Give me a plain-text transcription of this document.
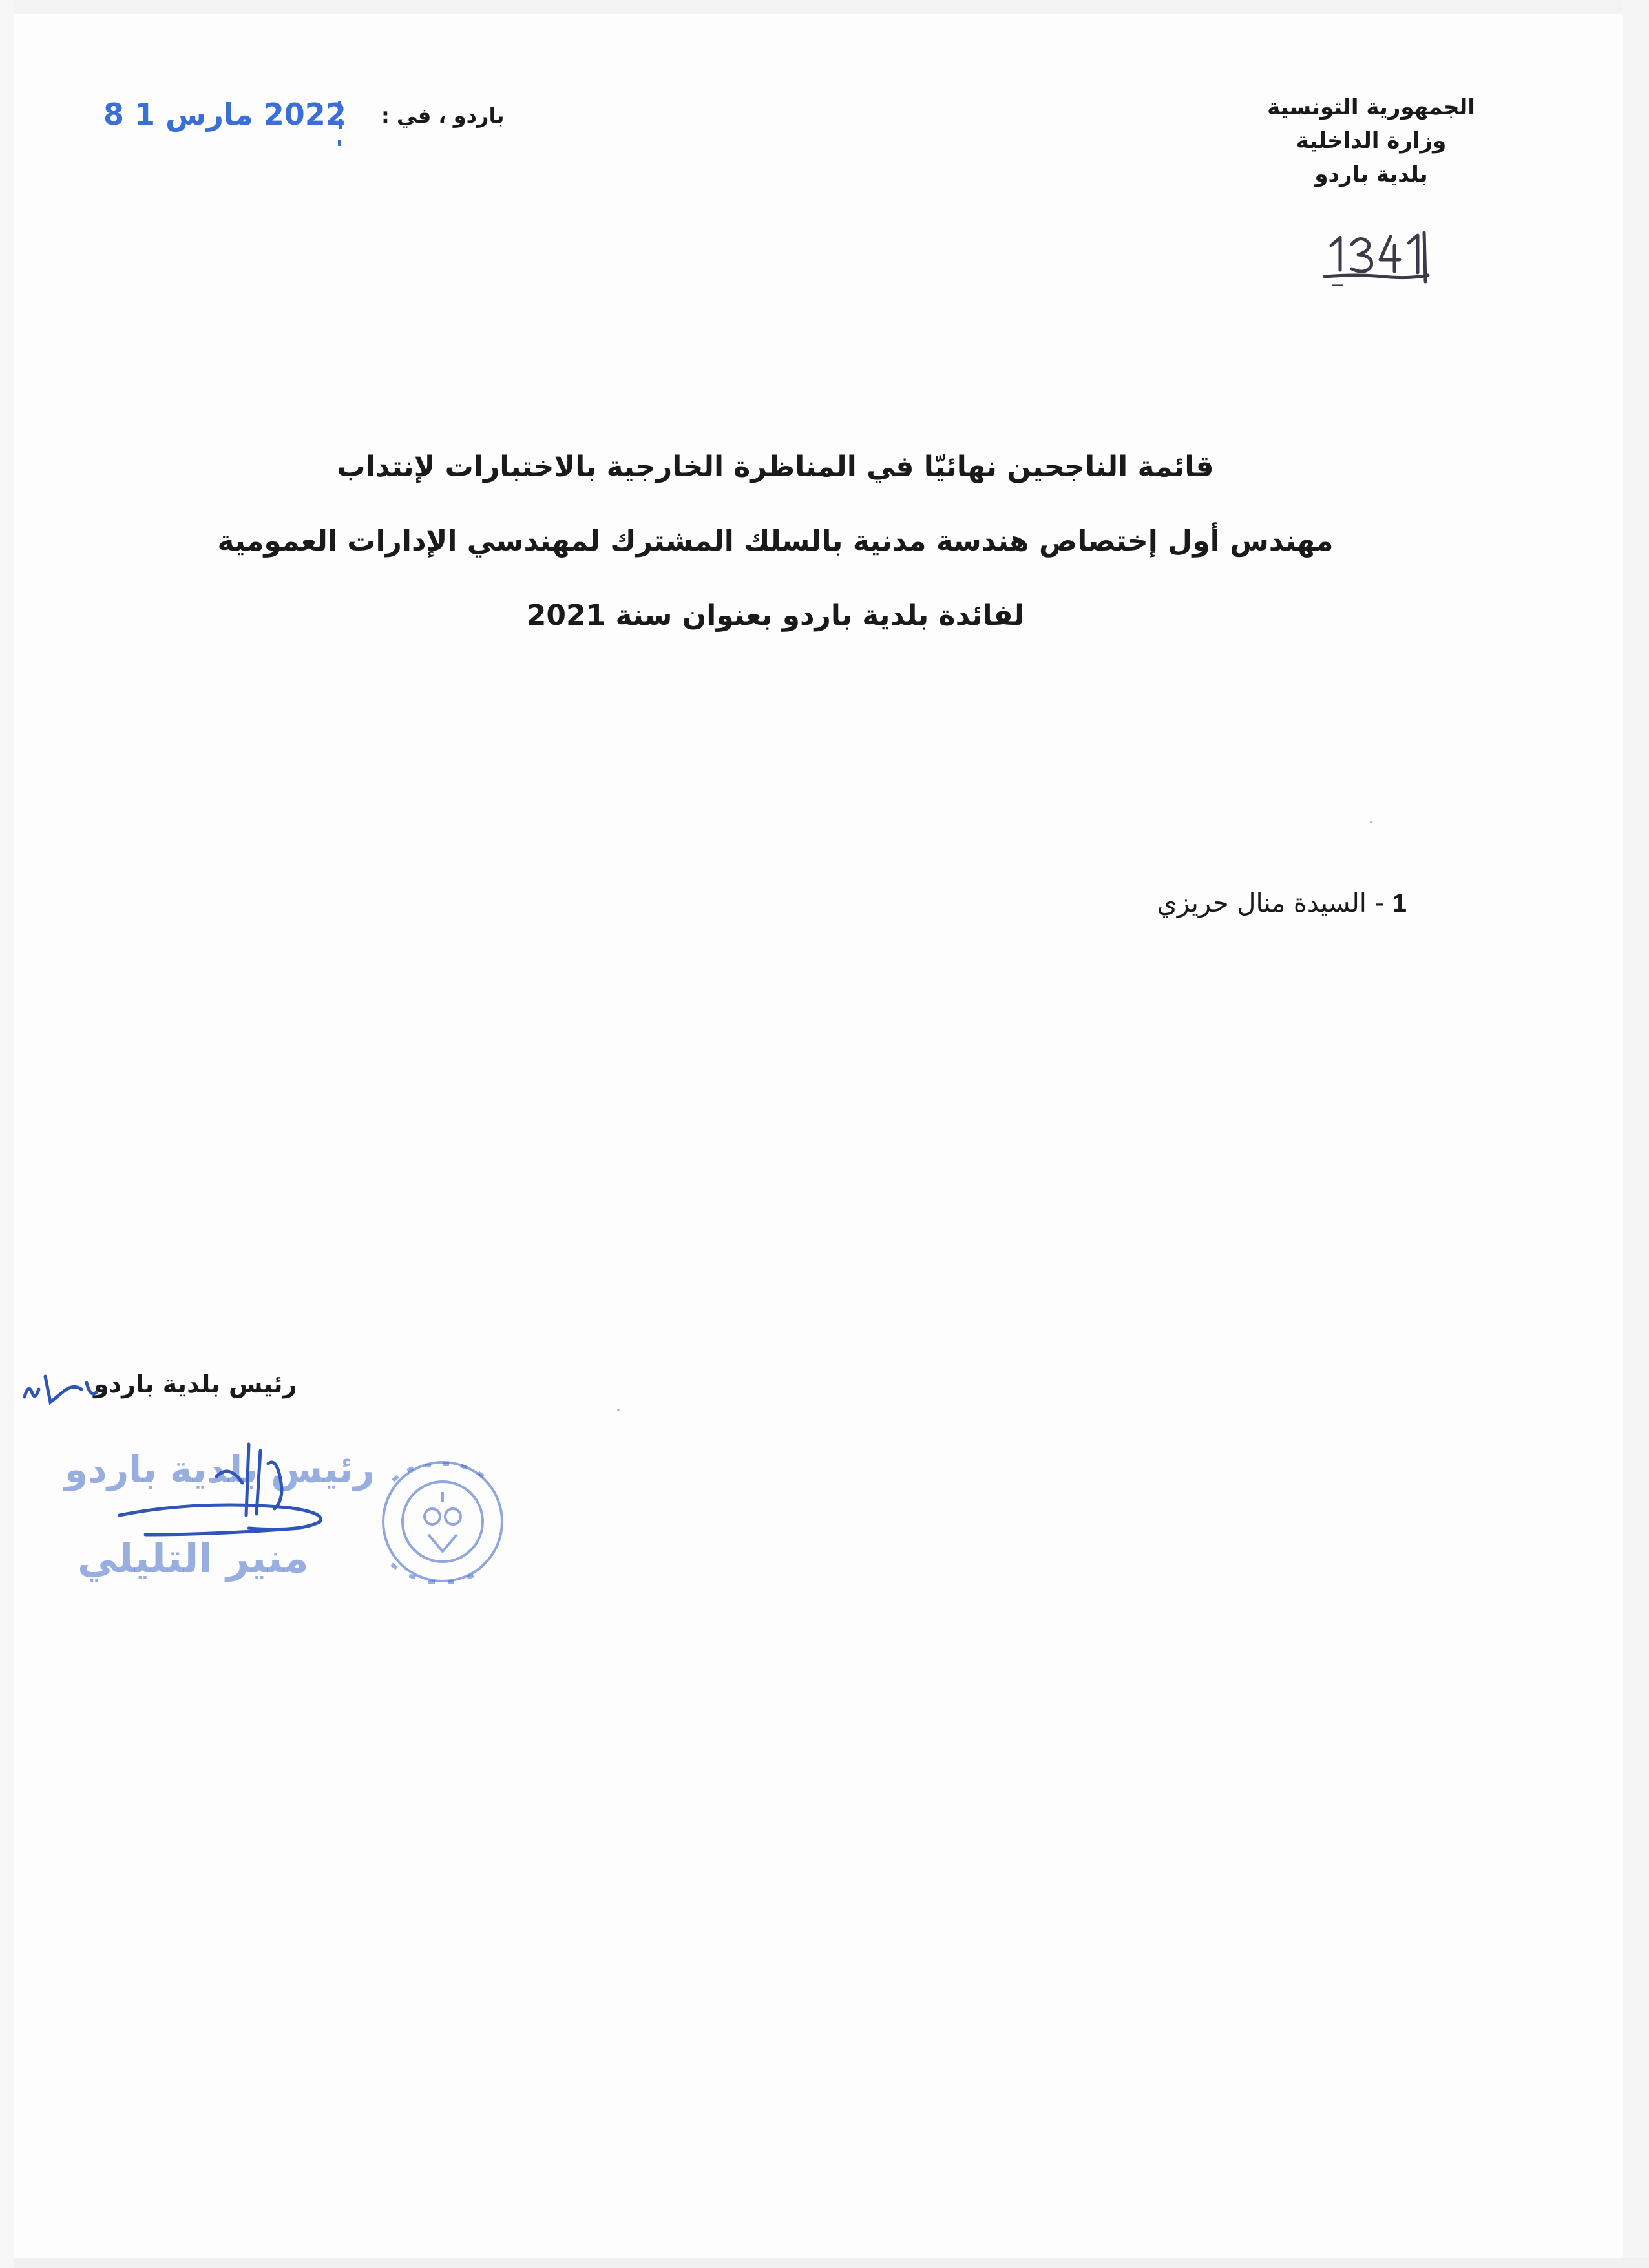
الجمهورية التونسية
وزارة الداخلية
بلدية باردو
ـــ
باردو ، في :
2022 مارس 1 8
قائمة الناجحين نهائيّا في المناظرة الخارجية بالاختبارات لإنتداب
مهندس أول إختصاص هندسة مدنية بالسلك المشترك لمهندسي الإدارات العمومية
لفائدة بلدية باردو بعنوان سنة 2021
1 - السيدة منال حريزي
رئيس بلدية باردو
رئيس بلدية باردو
منير التليلي
